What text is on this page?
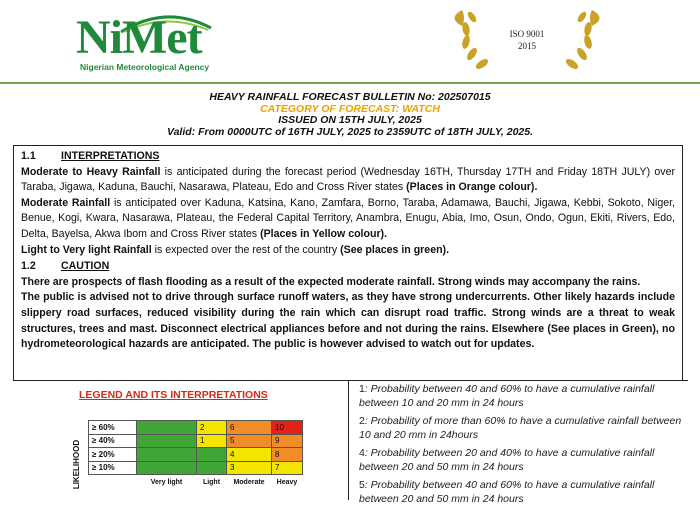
NiMet
Nigerian Meteorological Agency
ISO 9001
2015
HEAVY RAINFALL FORECAST BULLETIN No: 202507015
CATEGORY OF FORECAST: WATCH
ISSUED ON 15TH JULY, 2025
Valid: From 0000UTC of 16TH JULY, 2025 to 2359UTC of 18TH JULY, 2025.
1.1 INTERPRETATIONS

Moderate to Heavy Rainfall is anticipated during the forecast period (Wednesday 16TH, Thursday 17TH and Friday 18TH JULY) over Taraba, Jigawa, Kaduna, Bauchi, Nasarawa, Plateau, Edo and Cross River states (Places in Orange colour).

Moderate Rainfall is anticipated over Kaduna, Katsina, Kano, Zamfara, Borno, Taraba, Adamawa, Bauchi, Jigawa, Kebbi, Sokoto, Niger, Benue, Kogi, Kwara, Nasarawa, Plateau, the Federal Capital Territory, Anambra, Enugu, Abia, Imo, Osun, Ondo, Ogun, Ekiti, Rivers, Edo, Delta, Bayelsa, Akwa Ibom and Cross River states (Places in Yellow colour).

Light to Very light Rainfall is expected over the rest of the country (See places in green).

1.2 CAUTION

There are prospects of flash flooding as a result of the expected moderate rainfall. Strong winds may accompany the rains.

The public is advised not to drive through surface runoff waters, as they have strong undercurrents. Other likely hazards include slippery road surfaces, reduced visibility during the rain which can disrupt road traffic. Strong winds are a threat to weak structures, trees and mast. Disconnect electrical appliances before and not during the rains. Elsewhere (See places in Green), no hydrometeorological hazards are anticipated. The public is however advised to watch out for updates.

LEGEND AND ITS INTERPRETATIONS
LIKELIHOOD
≥ 60%		2	6	10
≥ 40%		1	5	9
≥ 20%			4	8
≥ 10%			3	7
	Very light	Light	Moderate	Heavy

1: Probability between 40 and 60% to have a cumulative rainfall between 10 and 20 mm in 24 hours

2: Probability of more than 60% to have a cumulative rainfall between 10 and 20 mm in 24hours

4: Probability between 20 and 40% to have a cumulative rainfall between 20 and 50 mm in 24 hours

5: Probability between 40 and 60% to have a cumulative rainfall between 20 and 50 mm in 24 hours
